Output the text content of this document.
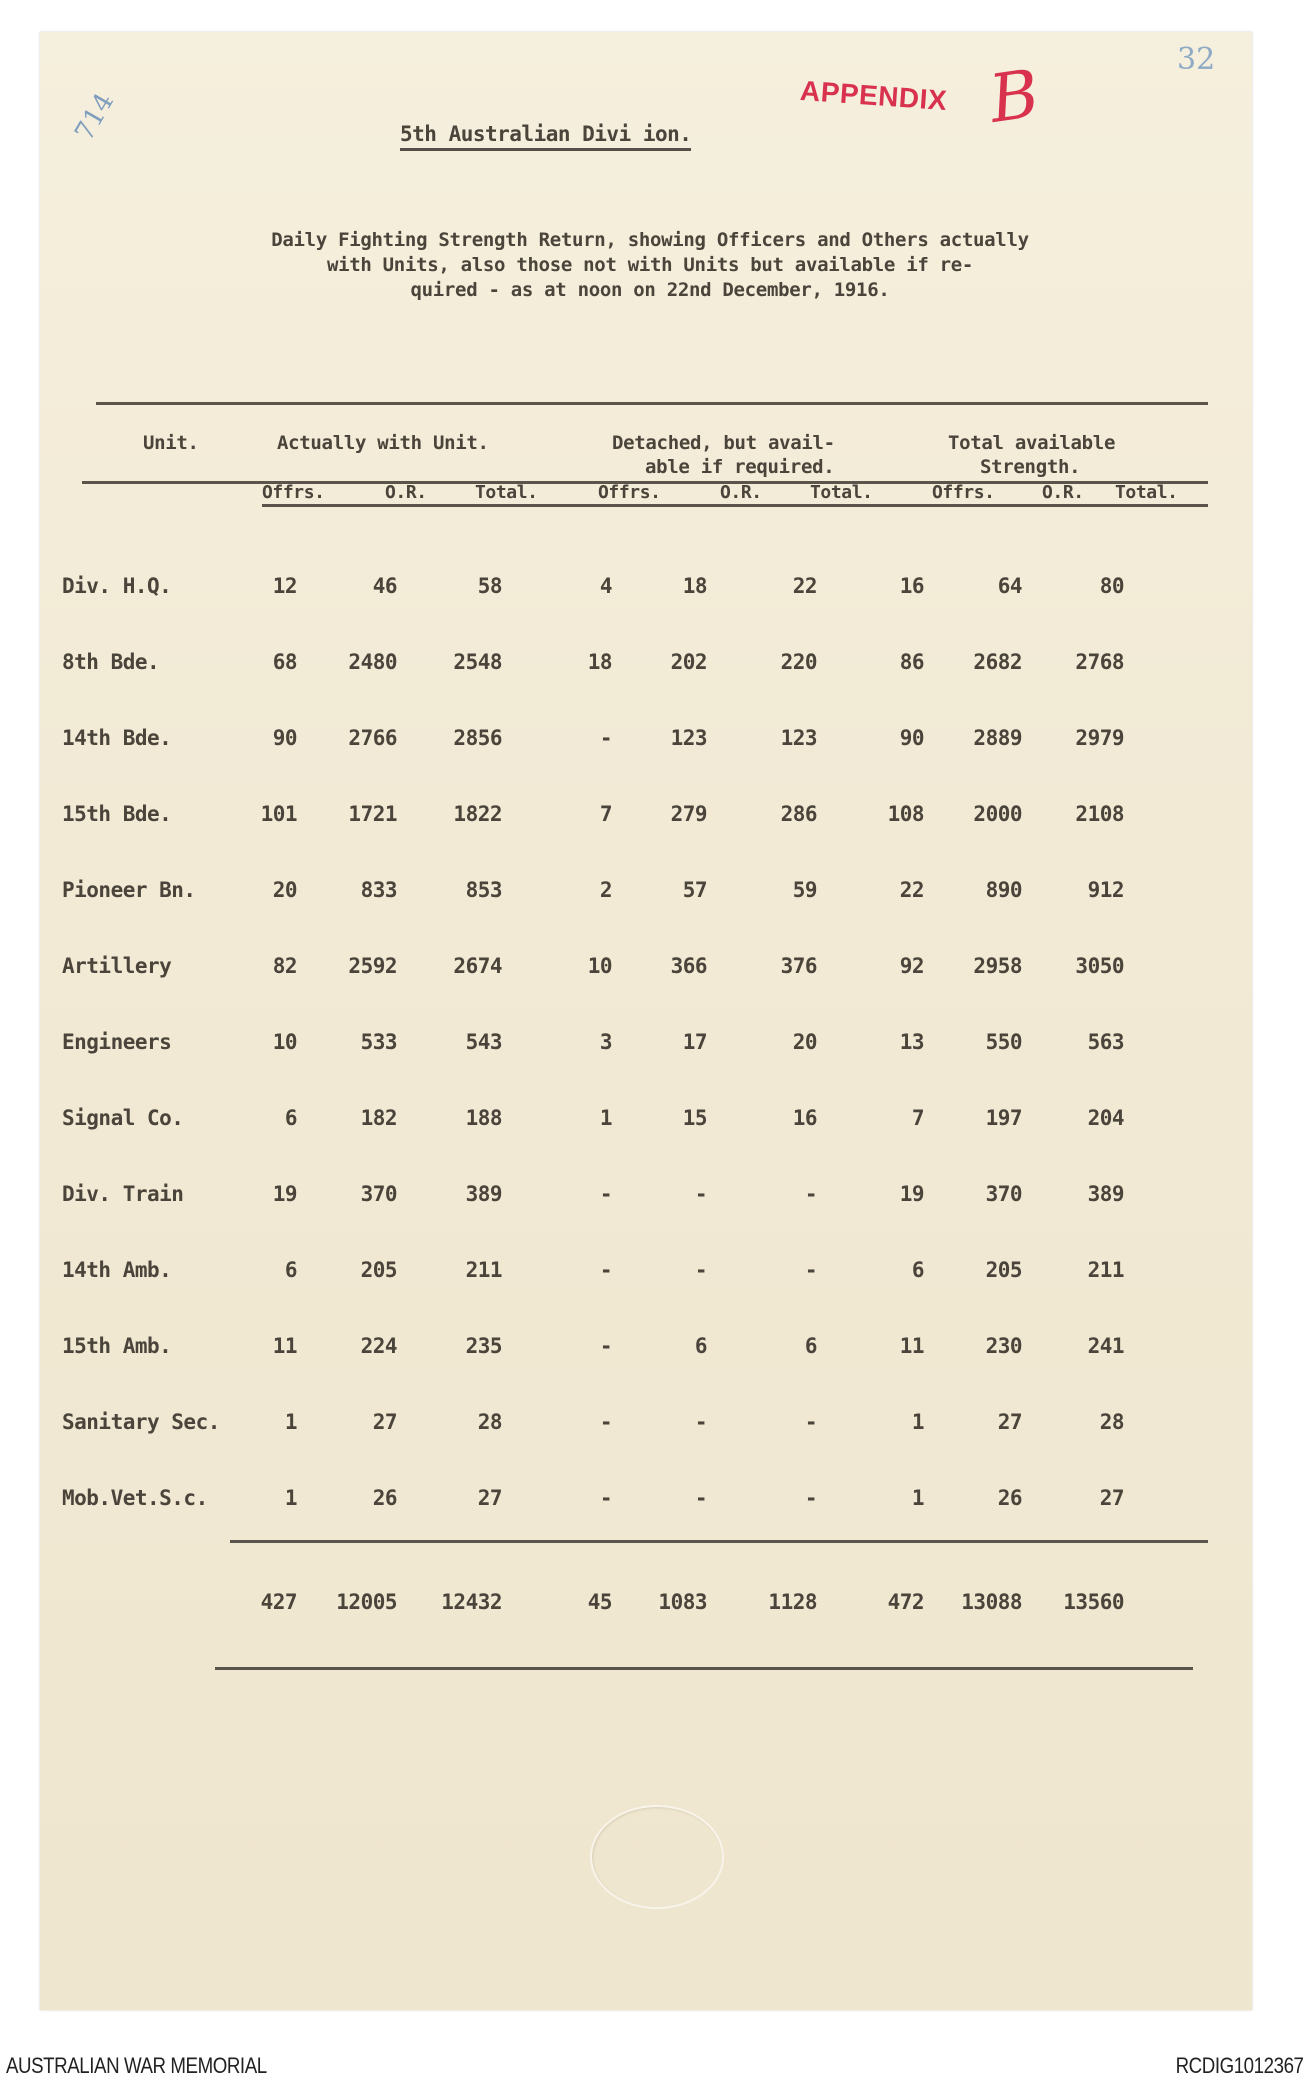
714
32
APPENDIX B
5th Australian Divi ion.
Daily Fighting Strength Return, showing Officers and Others actually
with Units, also those not with Units but available if re-
quired - as at noon on 22nd December, 1916.
Unit.	Actually with Unit.	Detached, but avail-
able if required.
Total available
Strength.
Offrs.	O.R.	Total.	Offrs.	O.R.	Total.	Offrs.	O.R. Total.
Div. H.Q.	12	46	58	4	18	22	16	64	80
8th Bde.	68	2480	2548	18	202	220	86	2682	2768
14th Bde.	90	2766	2856	-	123	123	90	2889	2979
15th Bde.	101	1721	1822	7	279	286	108	2000	2108
Pioneer Bn.	20	833	853	2	57	59	22	890	912
Artillery	82	2592	2674	10	366	376	92	2958	3050
Engineers	10	533	543	3	17	20	13	550	563
Signal Co.	6	182	188	1	15	16	7	197	204
Div. Train	19	370	389	-	-	-	19	370	389
14th Amb.	6	205	211	-	-	-	6	205	211
15th Amb.	11	224	235	-	6	6	11	230	241
Sanitary Sec.	1	27	28	-	-	-	1	27	28
Mob.Vet.S.c.	1	26	27	-	-	-	1	26	27
	427	12005	12432	45	1083	1128	472	13088	13560
AUSTRALIAN WAR MEMORIAL	RCDIG1012367
